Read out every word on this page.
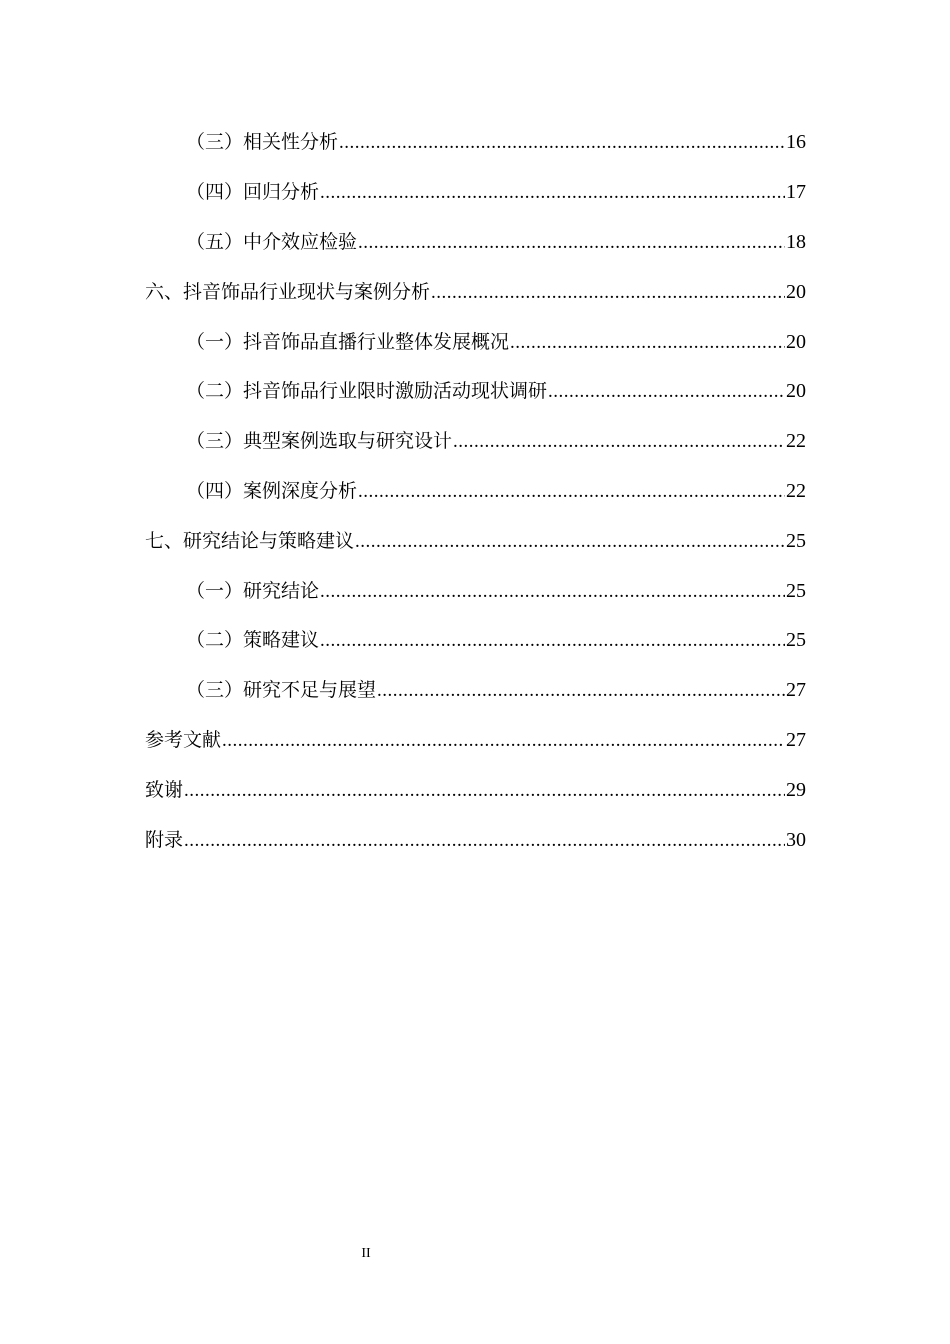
（三）相关性分析 .....	16
（四）回归分析 .....	17
（五）中介效应检验 .....	18
六、抖音饰品行业现状与案例分析 .....	20
（一）抖音饰品直播行业整体发展概况 .....	20
（二）抖音饰品行业限时激励活动现状调研 .....	20
（三）典型案例选取与研究设计 .....	22
（四）案例深度分析 .....	22
七、研究结论与策略建议 .....	25
（一）研究结论 .....	25
（二）策略建议 .....	25
（三）研究不足与展望 .....	27
参考文献 .....	27
致谢 .....	29
附录 .....	30
II
